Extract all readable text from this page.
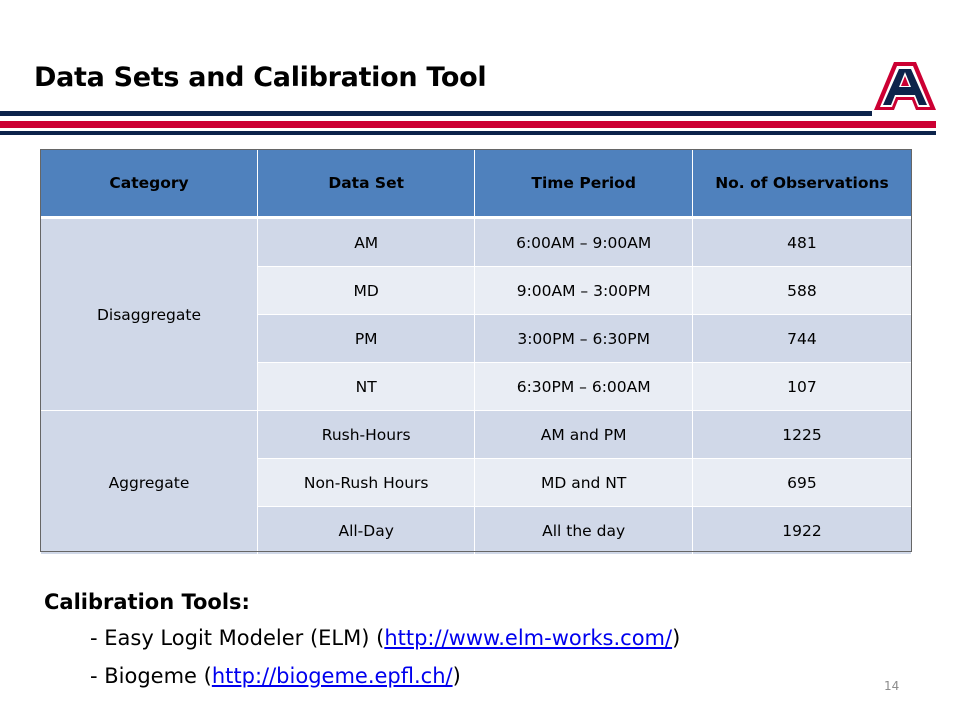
Data Sets and Calibration Tool
Category	Data Set	Time Period	No. of Observations
Disaggregate	AM	6:00AM – 9:00AM	481
	MD	9:00AM – 3:00PM	588
	PM	3:00PM – 6:30PM	744
	NT	6:30PM – 6:00AM	107
Aggregate	Rush-Hours	AM and PM	1225
	Non-Rush Hours	MD and NT	695
	All-Day	All the day	1922
Calibration Tools:
- Easy Logit Modeler (ELM) (http://www.elm-works.com/)
- Biogeme (http://biogeme.epfl.ch/)	14
